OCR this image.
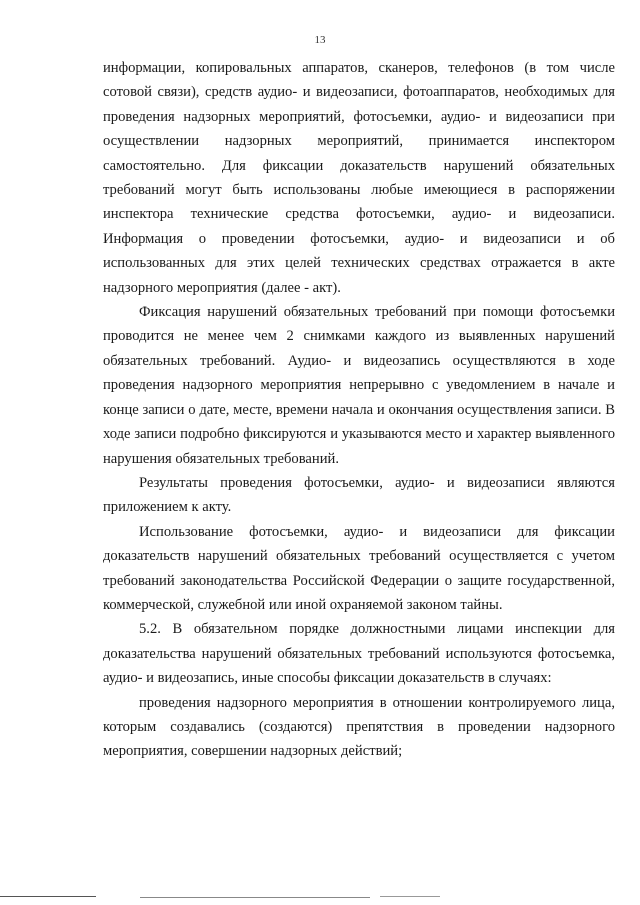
13

информации, копировальных аппаратов, сканеров, телефонов (в том числе сотовой связи), средств аудио- и видеозаписи, фотоаппаратов, необходимых для проведения надзорных мероприятий, фотосъемки, аудио- и видеозаписи при осуществлении надзорных мероприятий, принимается инспектором самостоятельно. Для фиксации доказательств нарушений обязательных требований могут быть использованы любые имеющиеся в распоряжении инспектора технические средства фотосъемки, аудио- и видеозаписи. Информация о проведении фотосъемки, аудио- и видеозаписи и об использованных для этих целей технических средствах отражается в акте надзорного мероприятия (далее - акт).

Фиксация нарушений обязательных требований при помощи фотосъемки проводится не менее чем 2 снимками каждого из выявленных нарушений обязательных требований. Аудио- и видеозапись осуществляются в ходе проведения надзорного мероприятия непрерывно с уведомлением в начале и конце записи о дате, месте, времени начала и окончания осуществления записи. В ходе записи подробно фиксируются и указываются место и характер выявленного нарушения обязательных требований.

Результаты проведения фотосъемки, аудио- и видеозаписи являются приложением к акту.

Использование фотосъемки, аудио- и видеозаписи для фиксации доказательств нарушений обязательных требований осуществляется с учетом требований законодательства Российской Федерации о защите государственной, коммерческой, служебной или иной охраняемой законом тайны.

5.2. В обязательном порядке должностными лицами инспекции для доказательства нарушений обязательных требований используются фотосъемка, аудио- и видеозапись, иные способы фиксации доказательств в случаях:

проведения надзорного мероприятия в отношении контролируемого лица, которым создавались (создаются) препятствия в проведении надзорного мероприятия, совершении надзорных действий;
